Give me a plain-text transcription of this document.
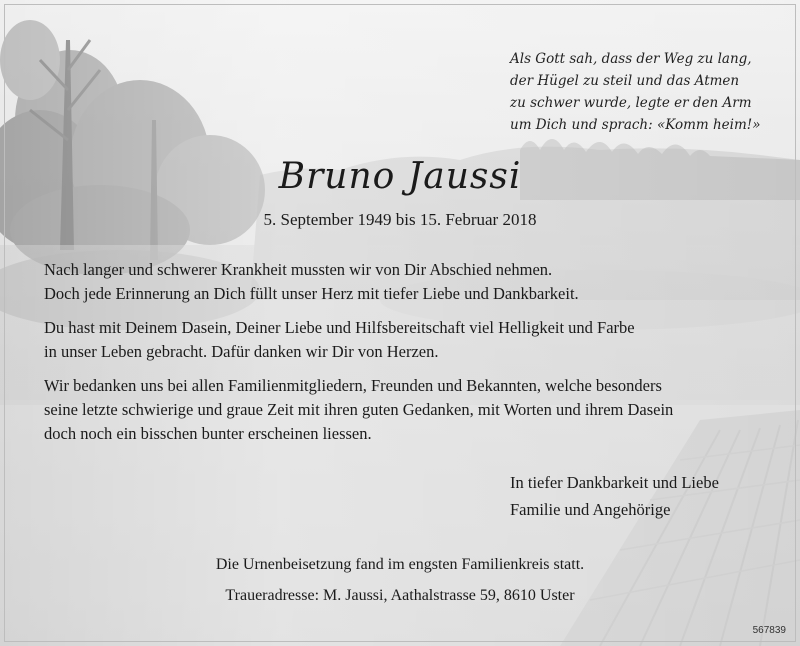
Als Gott sah, dass der Weg zu lang,
der Hügel zu steil und das Atmen
zu schwer wurde, legte er den Arm
um Dich und sprach: «Komm heim!»
Bruno Jaussi
5. September 1949 bis 15. Februar 2018

Nach langer und schwerer Krankheit mussten wir von Dir Abschied nehmen.
Doch jede Erinnerung an Dich füllt unser Herz mit tiefer Liebe und Dankbarkeit.

Du hast mit Deinem Dasein, Deiner Liebe und Hilfsbereitschaft viel Helligkeit und Farbe
in unser Leben gebracht. Dafür danken wir Dir von Herzen.

Wir bedanken uns bei allen Familienmitgliedern, Freunden und Bekannten, welche besonders
seine letzte schwierige und graue Zeit mit ihren guten Gedanken, mit Worten und ihrem Dasein
doch noch ein bisschen bunter erscheinen liessen.

In tiefer Dankbarkeit und Liebe
Familie und Angehörige
Die Urnenbeisetzung fand im engsten Familienkreis statt.
Traueradresse: M. Jaussi, Aathalstrasse 59, 8610 Uster
567839
